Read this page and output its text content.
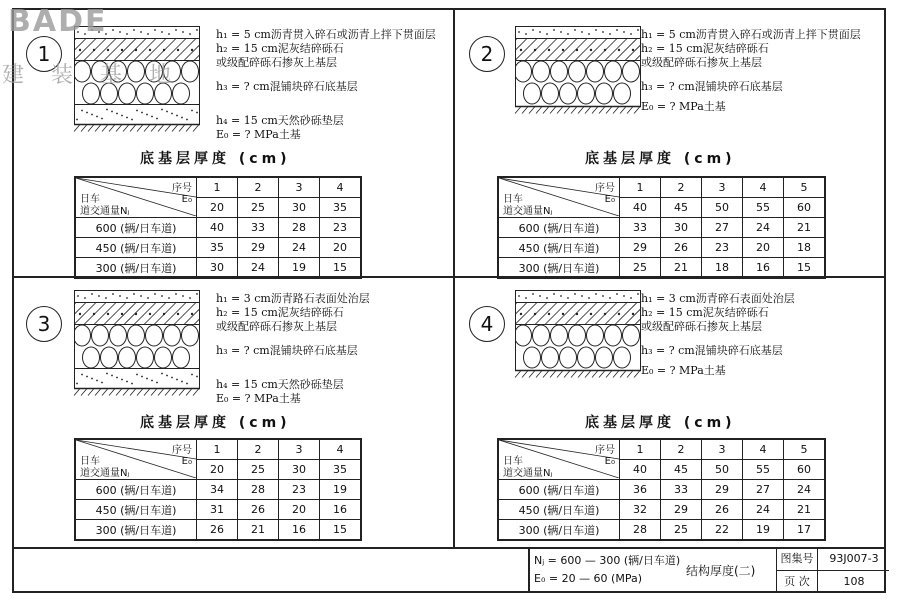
1
h₁ = 5 cm沥青贯入碎石或沥青上拌下贯面层
h₂ = 15 cm泥灰结碎砾石
或级配碎砾石掺灰上基层
h₃ = ? cm混铺块碎石底基层
h₄ = 15 cm天然砂砾垫层
E₀ = ? MPa土基
底基层厚度 (cm)
序号
E₀
日车
道交通量Nⱼ	1	2	3	4
	20	25	30	35
600 (辆/日车道)	40	33	28	23
450 (辆/日车道)	35	29	24	20
300 (辆/日车道)	30	24	19	15
2
h₁ = 5 cm沥青贯入碎石或沥青上拌下贯面层
h₂ = 15 cm泥灰结碎砾石
或级配碎砾石掺灰上基层
h₃ = ? cm混铺块碎石底基层
E₀ = ? MPa土基
底基层厚度 (cm)
序号
E₀
日车
道交通量Nⱼ	1	2	3	4	5
	40	45	50	55	60
600 (辆/日车道)	33	30	27	24	21
450 (辆/日车道)	29	26	23	20	18
300 (辆/日车道)	25	21	18	16	15
3
h₁ = 3 cm沥青路石表面处治层
h₂ = 15 cm泥灰结碎砾石
或级配碎砾石掺灰上基层
h₃ = ? cm混铺块碎石底基层
h₄ = 15 cm天然砂砾垫层
E₀ = ? MPa土基
底基层厚度 (cm)
序号
E₀
日车
道交通量Nⱼ	1	2	3	4
	20	25	30	35
600 (辆/日车道)	34	28	23	19
450 (辆/日车道)	31	26	20	16
300 (辆/日车道)	26	21	16	15
4
h₁ = 3 cm沥青碎石表面处治层
h₂ = 15 cm泥灰结碎砾石
或级配碎砾石掺灰上基层
h₃ = ? cm混铺块碎石底基层
E₀ = ? MPa土基
底基层厚度 (cm)
序号
E₀
日车
道交通量Nⱼ	1	2	3	4	5
	40	45	50	55	60
600 (辆/日车道)	36	33	29	27	24
450 (辆/日车道)	32	29	26	24	21
300 (辆/日车道)	28	25	22	19	17
BADE
建 装 基 地
Nⱼ = 600 — 300 (辆/日车道)
E₀ = 20 — 60 (MPa)
结构厚度(二)
图集号	93J007-3
页 次	108
